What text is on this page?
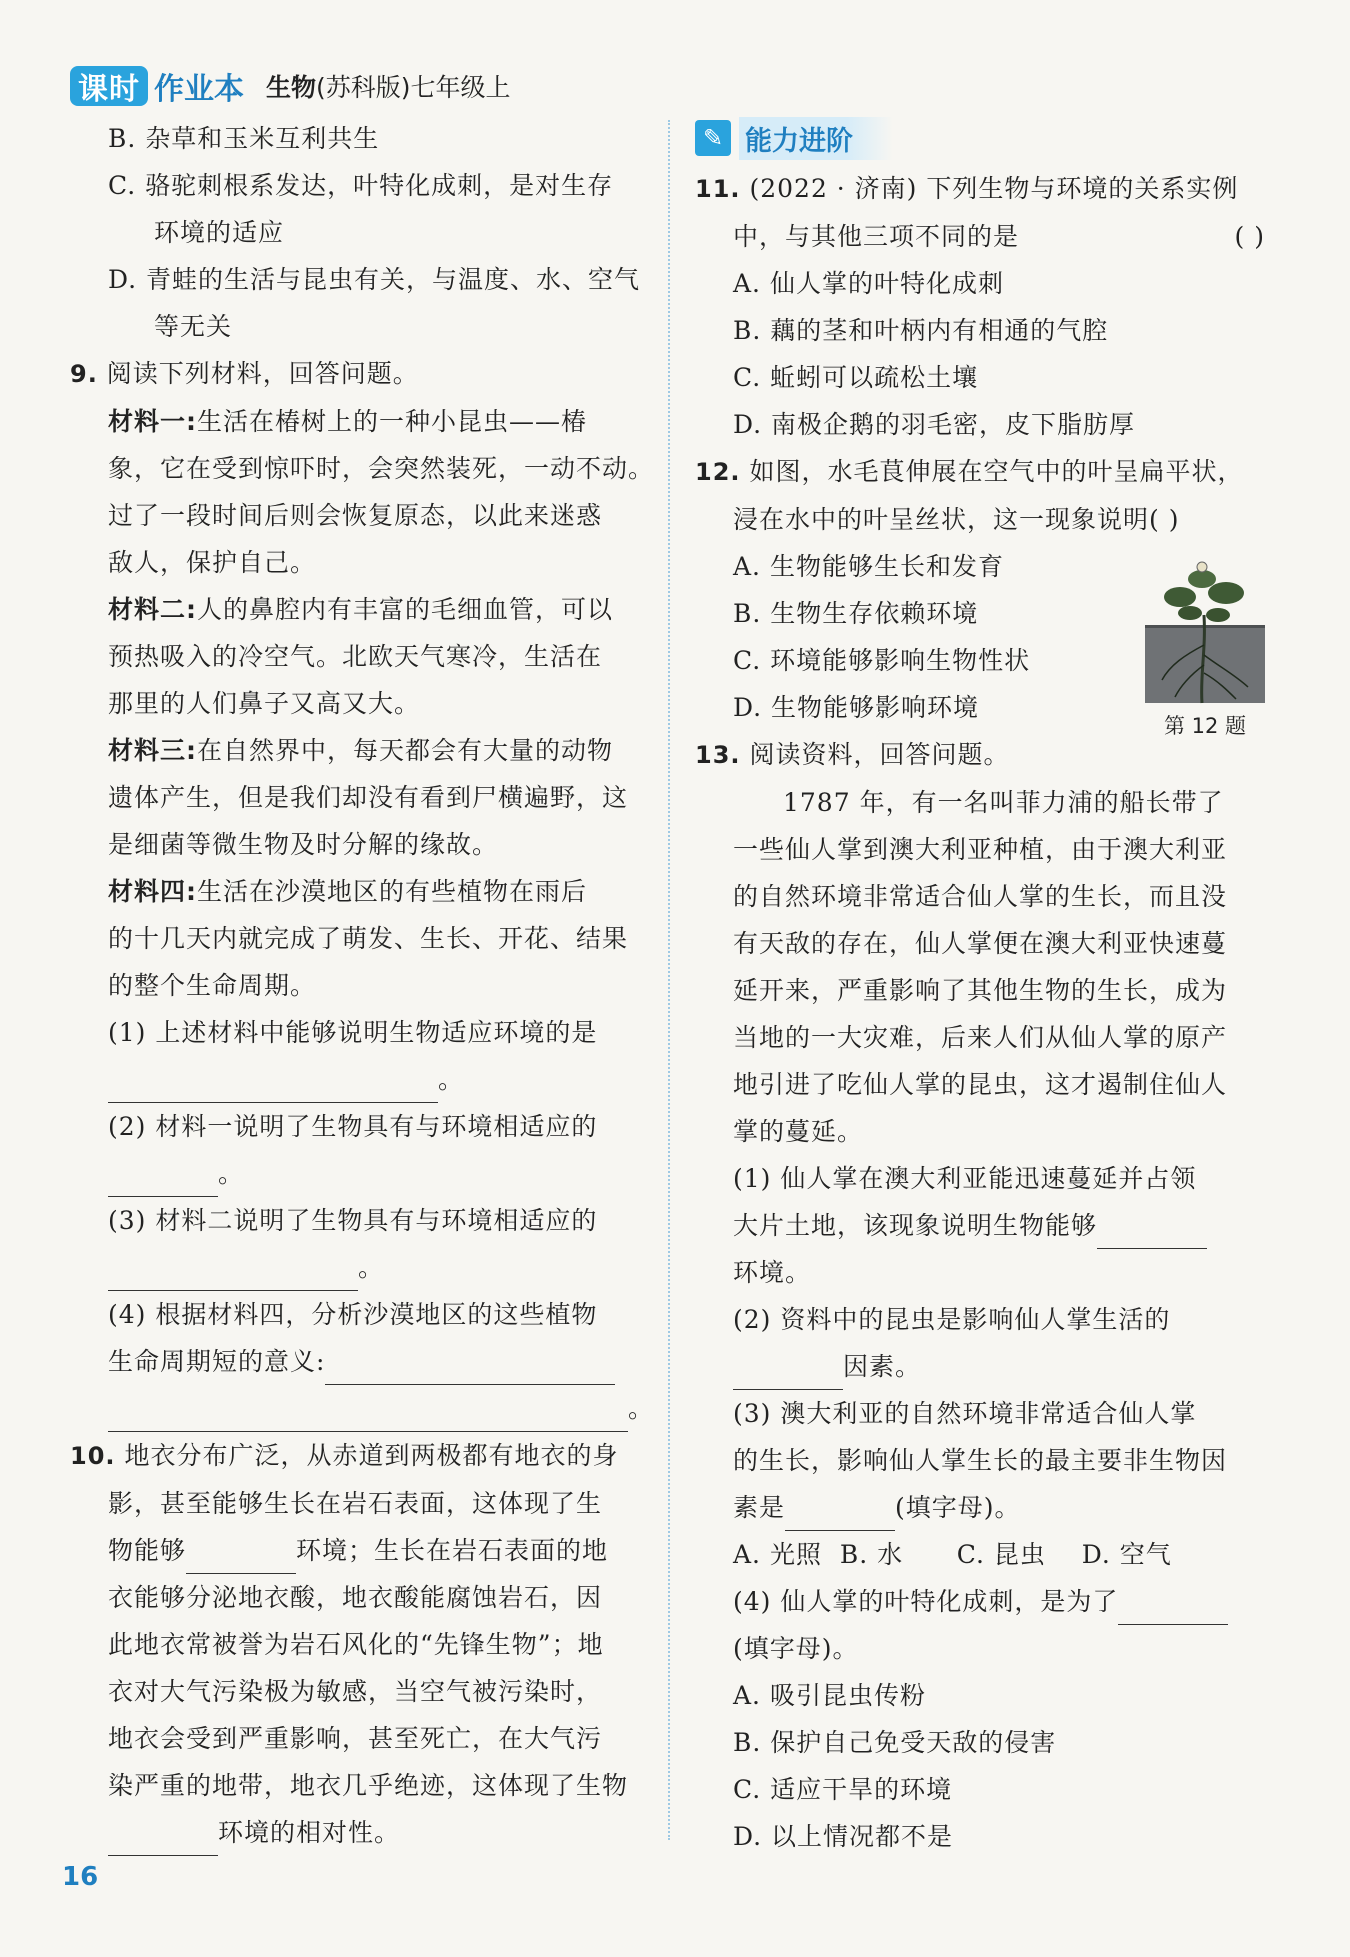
课时 作业本 生物(苏科版)七年级上
B. 杂草和玉米互利共生
C. 骆驼刺根系发达，叶特化成刺，是对生存
环境的适应
D. 青蛙的生活与昆虫有关，与温度、水、空气
等无关
9. 阅读下列材料，回答问题。
材料一:生活在椿树上的一种小昆虫——椿
象，它在受到惊吓时，会突然装死，一动不动。
过了一段时间后则会恢复原态，以此来迷惑
敌人，保护自己。
材料二:人的鼻腔内有丰富的毛细血管，可以
预热吸入的冷空气。北欧天气寒冷，生活在
那里的人们鼻子又高又大。
材料三:在自然界中，每天都会有大量的动物
遗体产生，但是我们却没有看到尸横遍野，这
是细菌等微生物及时分解的缘故。
材料四:生活在沙漠地区的有些植物在雨后
的十几天内就完成了萌发、生长、开花、结果
的整个生命周期。
(1) 上述材料中能够说明生物适应环境的是
。
(2) 材料一说明了生物具有与环境相适应的
。
(3) 材料二说明了生物具有与环境相适应的
。
(4) 根据材料四，分析沙漠地区的这些植物
生命周期短的意义:
。
10. 地衣分布广泛，从赤道到两极都有地衣的身
影，甚至能够生长在岩石表面，这体现了生
物能够	环境；生长在岩石表面的地
衣能够分泌地衣酸，地衣酸能腐蚀岩石，因
此地衣常被誉为岩石风化的“先锋生物”；地
衣对大气污染极为敏感，当空气被污染时，
地衣会受到严重影响，甚至死亡，在大气污
染严重的地带，地衣几乎绝迹，这体现了生物
环境的相对性。
✎ 能力进阶
11. (2022 · 济南) 下列生物与环境的关系实例
中，与其他三项不同的是	( )
A. 仙人掌的叶特化成刺
B. 藕的茎和叶柄内有相通的气腔
C. 蚯蚓可以疏松土壤
D. 南极企鹅的羽毛密，皮下脂肪厚
12. 如图，水毛茛伸展在空气中的叶呈扁平状，
浸在水中的叶呈丝状，这一现象说明( )
A. 生物能够生长和发育
B. 生物生存依赖环境
C. 环境能够影响生物性状
D. 生物能够影响环境
第 12 题
13. 阅读资料，回答问题。
1787 年，有一名叫菲力浦的船长带了
一些仙人掌到澳大利亚种植，由于澳大利亚
的自然环境非常适合仙人掌的生长，而且没
有天敌的存在，仙人掌便在澳大利亚快速蔓
延开来，严重影响了其他生物的生长，成为
当地的一大灾难，后来人们从仙人掌的原产
地引进了吃仙人掌的昆虫，这才遏制住仙人
掌的蔓延。
(1) 仙人掌在澳大利亚能迅速蔓延并占领
大片土地，该现象说明生物能够
环境。
(2) 资料中的昆虫是影响仙人掌生活的
因素。
(3) 澳大利亚的自然环境非常适合仙人掌
的生长，影响仙人掌生长的最主要非生物因
素是	(填字母)。
A. 光照  B. 水      C. 昆虫    D. 空气
(4) 仙人掌的叶特化成刺，是为了
(填字母)。
A. 吸引昆虫传粉
B. 保护自己免受天敌的侵害
C. 适应干旱的环境
D. 以上情况都不是
16
